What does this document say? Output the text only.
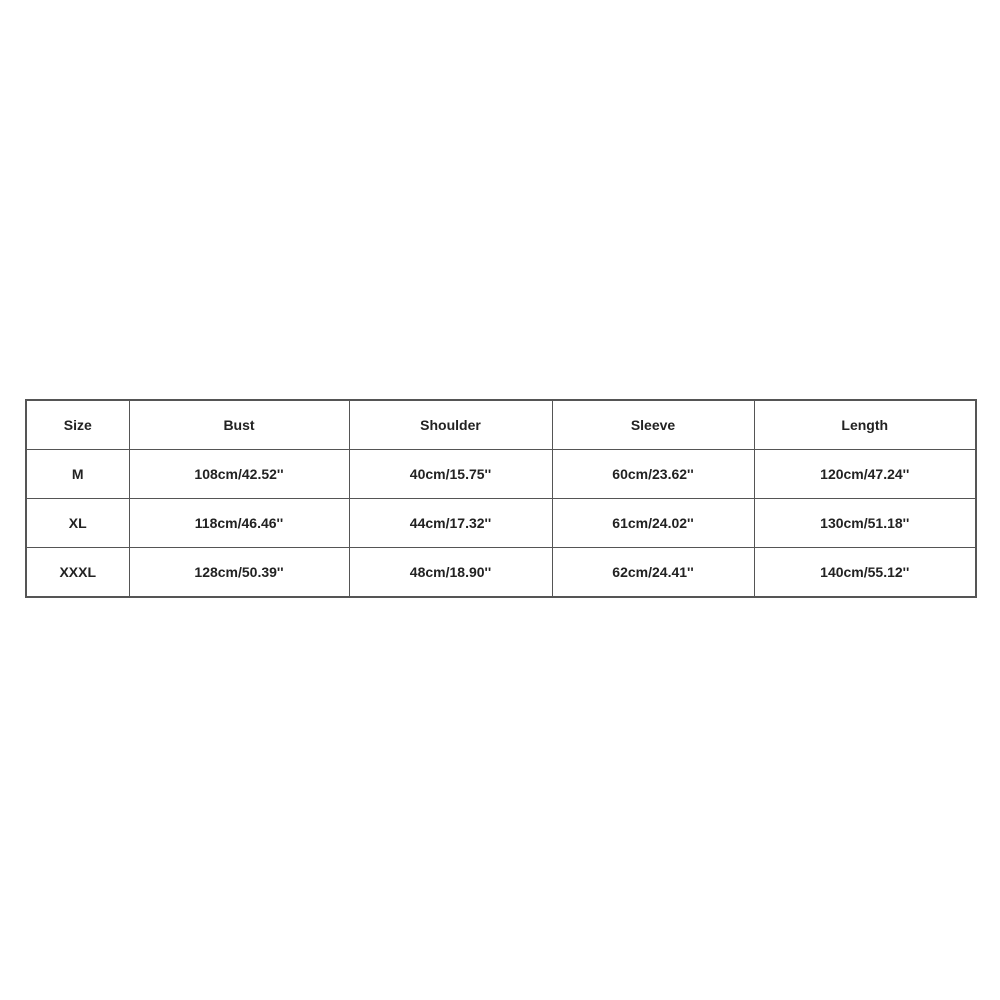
Size	Bust	Shoulder	Sleeve	Length
M	108cm/42.52''	40cm/15.75''	60cm/23.62''	120cm/47.24''
XL	118cm/46.46''	44cm/17.32''	61cm/24.02''	130cm/51.18''
XXXL	128cm/50.39''	48cm/18.90''	62cm/24.41''	140cm/55.12''
